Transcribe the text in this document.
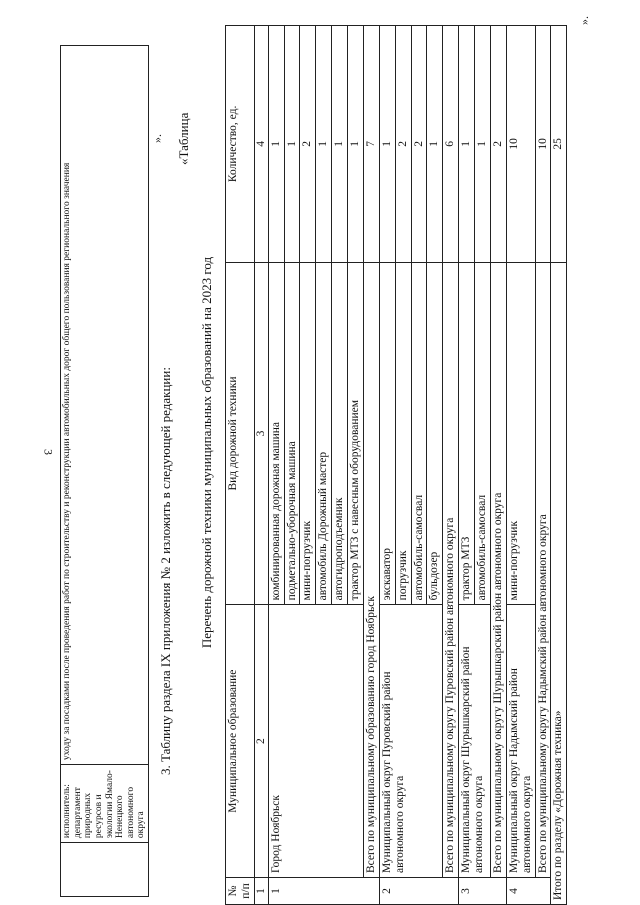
3
	исполнитель: департамент природных ресурсов и экологии Ямало-Ненецкого автономного округа	уходу за посадками после проведения работ по строительству и реконструкции автомобильных дорог общего пользования регионального значения
».
3. Таблицу раздела IX приложения № 2 изложить в следующей редакции:
«Таблица
Перечень дорожной техники муниципальных образований на 2023 год
№ п/п	Муниципальное образование	Вид дорожной техники	Количество, ед.
1	2	3	4
1	Город Ноябрьск	комбинированная дорожная машина	1
		подметально-уборочная машина	1
		мини-погрузчик	2
		автомобиль Дорожный мастер	1
		автогидроподъемник	1
		трактор МТЗ с навесным оборудованием	1
	Всего по муниципальному образованию город Ноябрьск		7
2	Муниципальный округ Пуровский район автономного округа	экскаватор	1
		погрузчик	2
		автомобиль-самосвал	2
		бульдозер	1
	Всего по муниципальному округу Пуровский район автономного округа		6
3	Муниципальный округ Шурышкарский район автономного округа	трактор МТЗ	1
		автомобиль-самосвал	1
	Всего по муниципальному округу Шурышкарский район автономного округа		2
4	Муниципальный округ Надымский район автономного округа	мини-погрузчик	10
	Всего по муниципальному округу Надымский район автономного округа		10
Итого по разделу «Дорожная техника»			25
».
